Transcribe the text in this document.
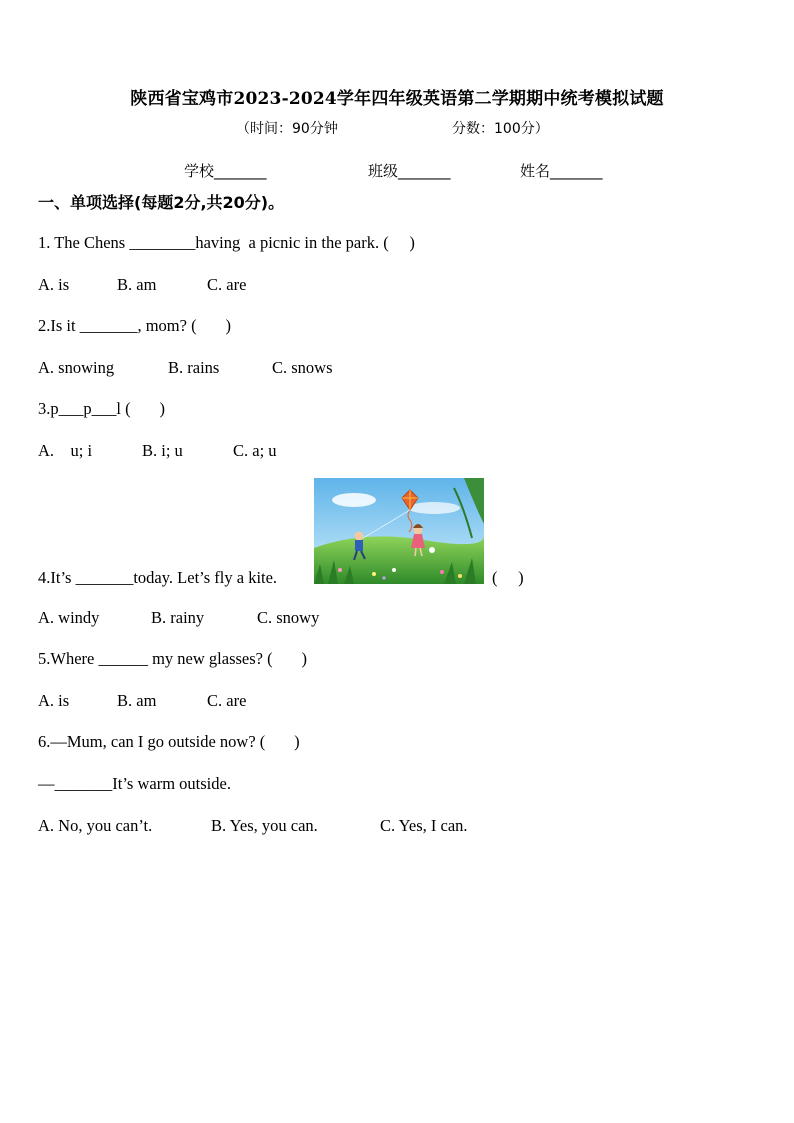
陕西省宝鸡市2023-2024学年四年级英语第二学期期中统考模拟试题
（时间：90分钟	分数：100分）
学校_______	班级_______	姓名_______
一、单项选择(每题2分,共20分)。
1. The Chens ________having  a picnic in the park. (     )
A. is	B. am	C. are
2.Is it _______, mom? (       )
A. snowing	B. rains	C. snows
3.p___p___l (       )
A.    u; i	B. i; u	C. a; u
4.It’s _______today. Let’s fly a kite.	(     )
A. windy	B. rainy	C. snowy
5.Where ______ my new glasses? (       )
A. is	B. am	C. are
6.—Mum, can I go outside now? (       )
—_______It’s warm outside.
A. No, you can’t.	B. Yes, you can.	C. Yes, I can.
